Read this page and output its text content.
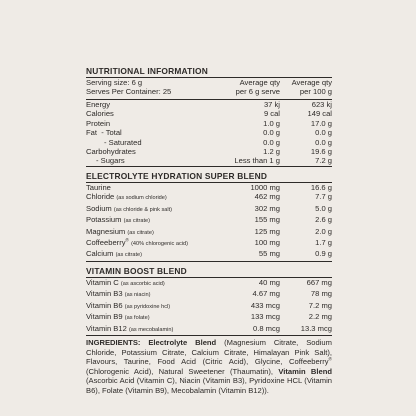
NUTRITIONAL INFORMATION
Serving size: 6 g	Average qty	Average qty
Serves Per Container: 25	per 6 g serve	per 100 g
Energy	37 kj	623 kj
Calories	9 cal	149 cal
Protein	1.0 g	17.0 g
Fat  - Total	0.0 g	0.0 g
- Saturated	0.0 g	0.0 g
Carbohydrates	1.2 g	19.6 g
- Sugars	Less than 1 g	7.2 g
ELECTROLYTE HYDRATION SUPER BLEND
Taurine	1000 mg	16.6 g
Chloride (as sodium chloride)	462 mg	7.7 g
Sodium (as chloride & pink salt)	302 mg	5.0 g
Potassium (as citrate)	155 mg	2.6 g
Magnesium (as citrate)	125 mg	2.0 g
Coffeeberry® (40% chlorogenic acid)	100 mg	1.7 g
Calcium (as citrate)	55 mg	0.9 g
VITAMIN BOOST BLEND
Vitamin C (as ascorbic acid)	40 mg	667 mg
Vitamin B3 (as niacin)	4.67 mg	78 mg
Vitamin B6 (as pyridoxine hcl)	433 mcg	7.2 mg
Vitamin B9 (as folate)	133 mcg	2.2 mg
Vitamin B12 (as mecobalamin)	0.8 mcg	13.3 mcg
INGREDIENTS: Electrolyte Blend (Magnesium Citrate, Sodium Chloride, Potassium Citrate, Calcium Citrate, Himalayan Pink Salt), Flavours, Taurine, Food Acid (Citric Acid), Glycine, Coffeeberry® (Chlorogenic Acid), Natural Sweetener (Thaumatin), Vitamin Blend (Ascorbic Acid (Vitamin C), Niacin (Vitamin B3), Pyridoxine HCL (Vitamin B6), Folate (Vitamin B9), Mecobalamin (Vitamin B12)).
